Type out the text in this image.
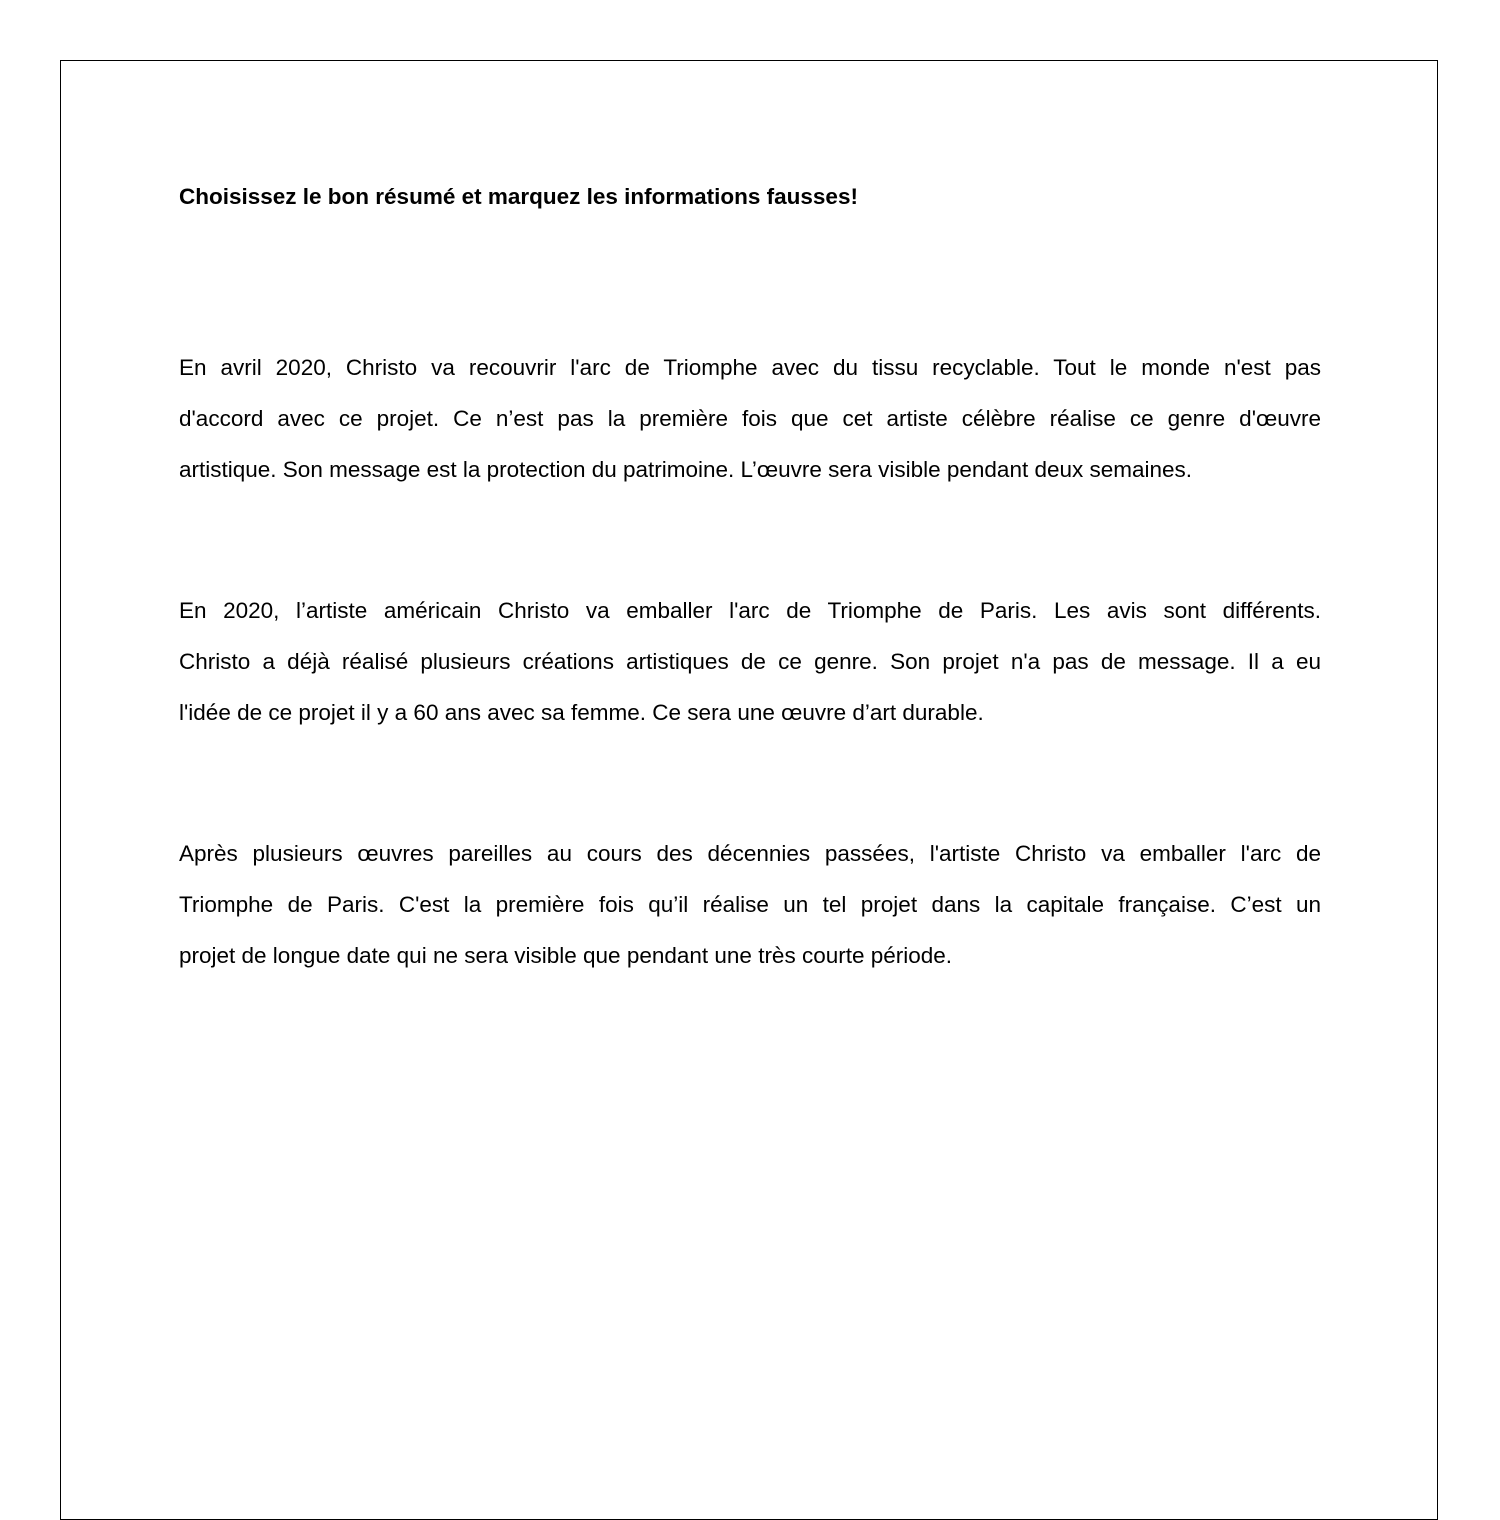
Choisissez le bon résumé et marquez les informations fausses!

En avril 2020, Christo va recouvrir l'arc de Triomphe avec du tissu recyclable. Tout le monde n'est pas
d'accord avec ce projet. Ce n’est pas la première fois que cet artiste célèbre réalise ce genre d'œuvre
artistique. Son message est la protection du patrimoine. L’œuvre sera visible pendant deux semaines.
En 2020, l’artiste américain Christo va emballer l'arc de Triomphe de Paris. Les avis sont différents.
Christo a déjà réalisé plusieurs créations artistiques de ce genre. Son projet n'a pas de message. Il a eu
l'idée de ce projet il y a 60 ans avec sa femme. Ce sera une œuvre d’art durable.
Après plusieurs œuvres pareilles au cours des décennies passées, l'artiste Christo va emballer l'arc de
Triomphe de Paris. C'est la première fois qu’il réalise un tel projet dans la capitale française. C’est un
projet de longue date qui ne sera visible que pendant une très courte période.
